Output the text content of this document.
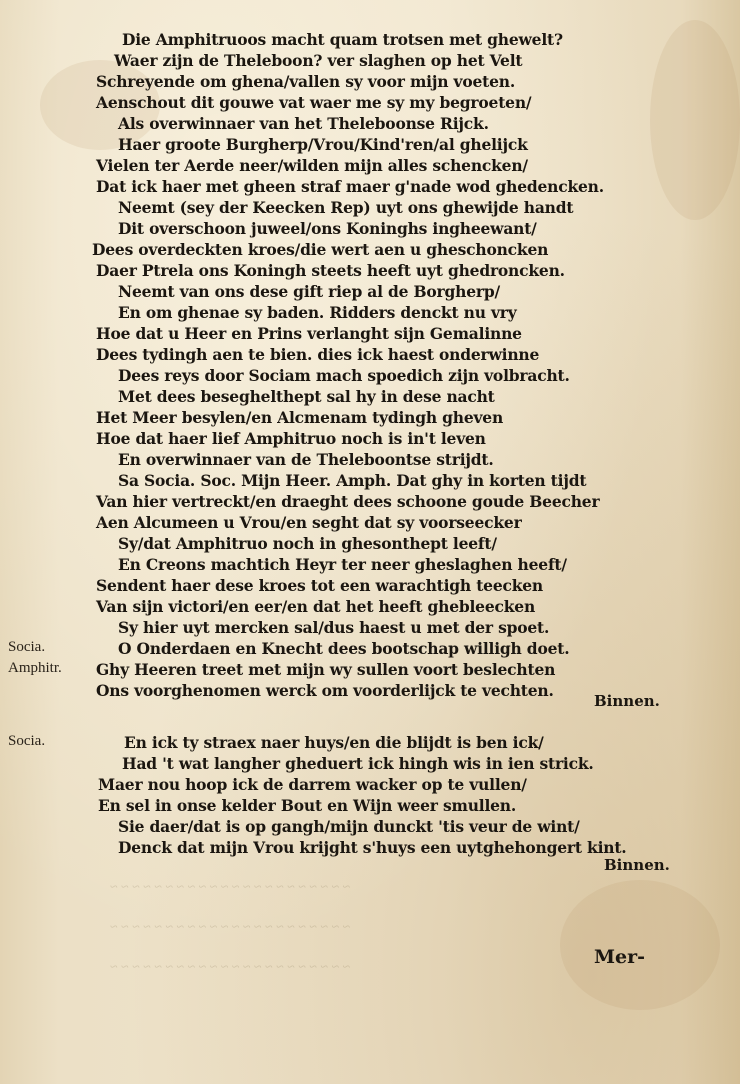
~ ~ ~ ~ ~ ~ ~ ~ ~ ~ ~ ~ ~ ~ ~ ~ ~ ~ ~ ~ ~ ~
~ ~ ~ ~ ~ ~ ~ ~ ~ ~ ~ ~ ~ ~ ~ ~ ~ ~ ~ ~ ~ ~
~ ~ ~ ~ ~ ~ ~ ~ ~ ~ ~ ~ ~ ~ ~ ~ ~ ~ ~ ~ ~ ~
Die Amphitruoos macht quam trotsen met ghewelt?
Waer zijn de Theleboon? ver slaghen op het Velt
Schreyende om ghena/vallen sy voor mijn voeten.
Aenschout dit gouwe vat waer me sy my begroeten/
Als overwinnaer van het Theleboonse Rijck.
Haer groote Burgherp/Vrou/Kind'ren/al ghelijck
Vielen ter Aerde neer/wilden mijn alles schencken/
Dat ick haer met gheen straf maer g'nade wod ghedencken.
Neemt (sey der Keecken Rep) uyt ons ghewijde handt
Dit overschoon juweel/ons Koninghs ingheewant/
Dees overdeckten kroes/die wert aen u gheschoncken
Daer Ptrela ons Koningh steets heeft uyt ghedroncken.
Neemt van ons dese gift riep al de Borgherp/
En om ghenae sy baden. Ridders denckt nu vry
Hoe dat u Heer en Prins verlanght sijn Gemalinne
Dees tydingh aen te bien. dies ick haest onderwinne
Dees reys door Sociam mach spoedich zijn volbracht.
Met dees beseghelthept sal hy in dese nacht
Het Meer besylen/en Alcmenam tydingh gheven
Hoe dat haer lief Amphitruo noch is in't leven
En overwinnaer van de Theleboontse strijdt.
Sa Socia. Soc. Mijn Heer. Amph. Dat ghy in korten tijdt
Van hier vertreckt/en draeght dees schoone goude Beecher
Aen Alcumeen u Vrou/en seght dat sy voorseecker
Sy/dat Amphitruo noch in ghesonthept leeft/
En Creons machtich Heyr ter neer gheslaghen heeft/
Sendent haer dese kroes tot een warachtigh teecken
Van sijn victori/en eer/en dat het heeft ghebleecken
Sy hier uyt mercken sal/dus haest u met der spoet.
O Onderdaen en Knecht dees bootschap willigh doet.
Ghy Heeren treet met mijn wy sullen voort beslechten
Ons voorghenomen werck om voorderlijck te vechten.
Socia.
Amphitr.
Binnen.
Socia.	En ick ty straex naer huys/en die blijdt is ben ick/
Had 't wat langher gheduert ick hingh wis in ien strick.
Maer nou hoop ick de darrem wacker op te vullen/
En sel in onse kelder Bout en Wijn weer smullen.
Sie daer/dat is op gangh/mijn dunckt 'tis veur de wint/
Denck dat mijn Vrou krijght s'huys een uytghehongert kint.
Binnen.
Mer-
